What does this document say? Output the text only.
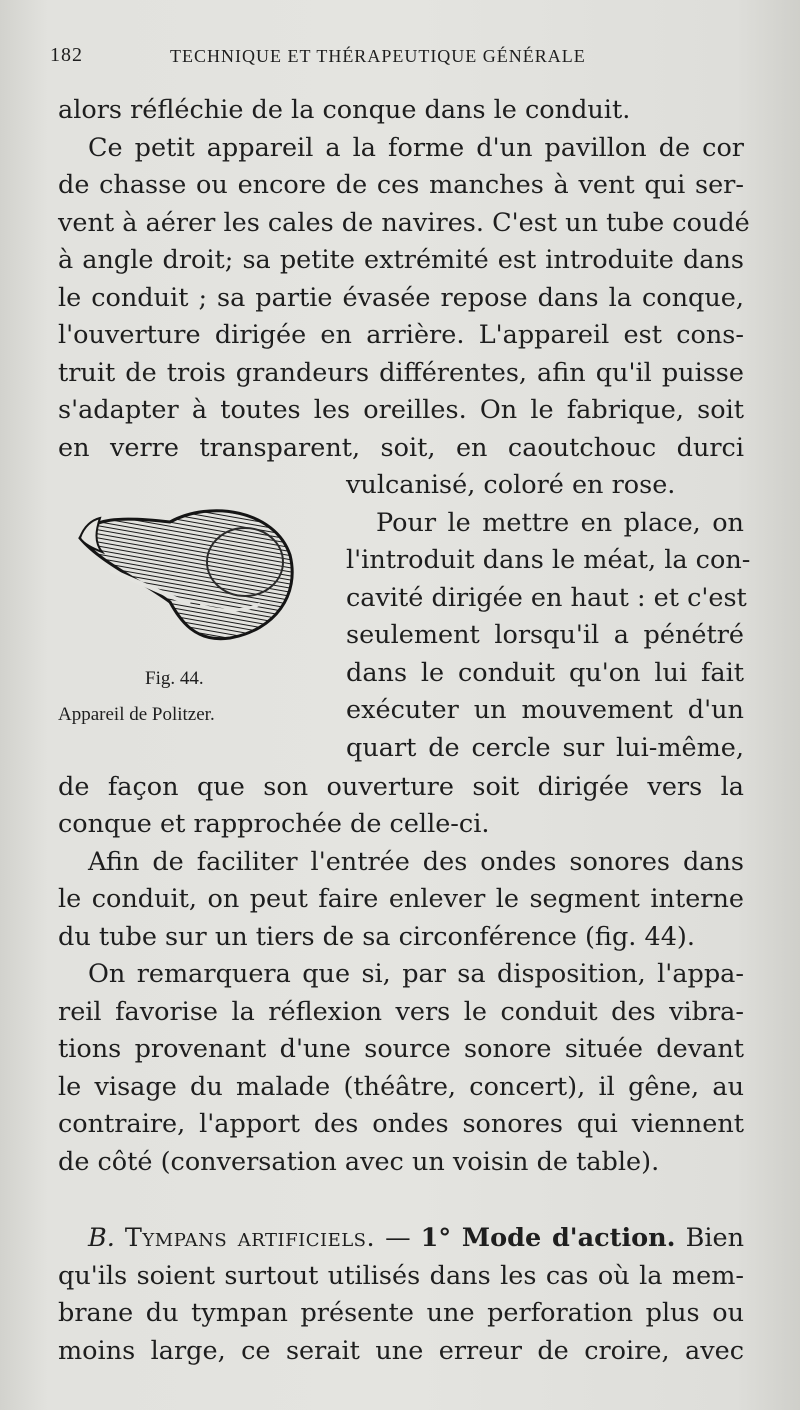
182	TECHNIQUE ET THÉRAPEUTIQUE GÉNÉRALE
alors réfléchie de la conque dans le conduit.
Ce petit appareil a la forme d'un pavillon de cor
de chasse ou encore de ces manches à vent qui ser-
vent à aérer les cales de navires. C'est un tube coudé
à angle droit; sa petite extrémité est introduite dans
le conduit ; sa partie évasée repose dans la conque,
l'ouverture dirigée en arrière. L'appareil est cons-
truit de trois grandeurs différentes, afin qu'il puisse
s'adapter à toutes les oreilles. On le fabrique, soit
en verre transparent, soit, en caoutchouc durci
vulcanisé, coloré en rose.
Pour le mettre en place, on
l'introduit dans le méat, la con-
cavité dirigée en haut : et c'est
seulement lorsqu'il a pénétré
dans le conduit qu'on lui fait
exécuter un mouvement d'un
quart de cercle sur lui-même,
Fig. 44.
Appareil de Politzer.
de façon que son ouverture soit dirigée vers la
conque et rapprochée de celle-ci.
Afin de faciliter l'entrée des ondes sonores dans
le conduit, on peut faire enlever le segment interne
du tube sur un tiers de sa circonférence (fig. 44).
On remarquera que si, par sa disposition, l'appa-
reil favorise la réflexion vers le conduit des vibra-
tions provenant d'une source sonore située devant
le visage du malade (théâtre, concert), il gêne, au
contraire, l'apport des ondes sonores qui viennent
de côté (conversation avec un voisin de table).
B. Tympans artificiels. — 1° Mode d'action. Bien
qu'ils soient surtout utilisés dans les cas où la mem-
brane du tympan présente une perforation plus ou
moins large, ce serait une erreur de croire, avec
